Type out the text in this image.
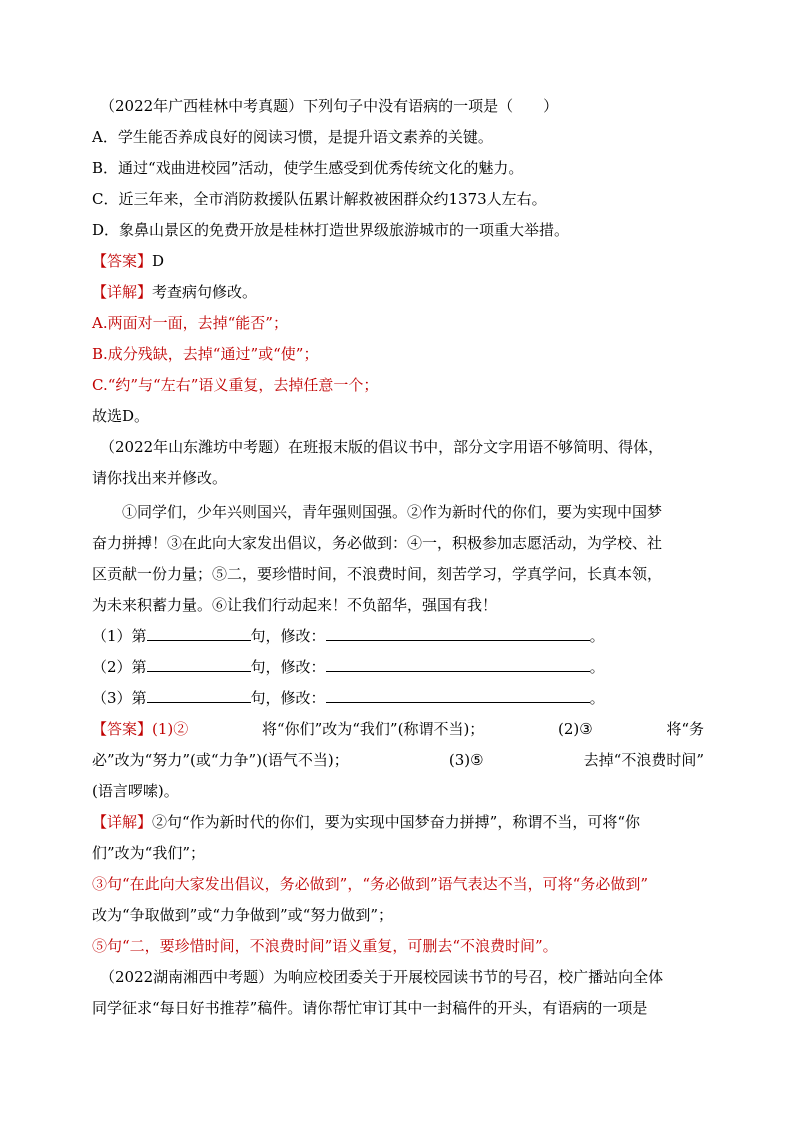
（2022年广西桂林中考真题）下列句子中没有语病的一项是（　　）
A．学生能否养成良好的阅读习惯，是提升语文素养的关键。
B．通过“戏曲进校园”活动，使学生感受到优秀传统文化的魅力。
C．近三年来，全市消防救援队伍累计解救被困群众约1373人左右。
D．象鼻山景区的免费开放是桂林打造世界级旅游城市的一项重大举措。
【答案】D
【详解】考查病句修改。
A.两面对一面，去掉“能否”；
B.成分残缺，去掉“通过”或“使”；
C.“约”与“左右”语义重复，去掉任意一个；
故选D。
（2022年山东潍坊中考题）在班报末版的倡议书中，部分文字用语不够简明、得体，
请你找出来并修改。
①同学们，少年兴则国兴，青年强则国强。②作为新时代的你们，要为实现中国梦
奋力拼搏！③在此向大家发出倡议，务必做到：④一，积极参加志愿活动，为学校、社
区贡献一份力量；⑤二，要珍惜时间，不浪费时间，刻苦学习，学真学问，长真本领，
为未来积蓄力量。⑥让我们行动起来！不负韶华，强国有我！
（1）第	句，修改：	。
（2）第	句，修改：	。
（3）第	句，修改：	。
【答案】(1)②	将“你们”改为“我们”(称谓不当)；	(2)③	将“务
必”改为“努力”(或“力争”)(语气不当)；	(3)⑤	去掉“不浪费时间”
(语言啰嗦)。
【详解】②句“作为新时代的你们，要为实现中国梦奋力拼搏”，称谓不当，可将“你
们”改为“我们”；
③句“在此向大家发出倡议，务必做到”，“务必做到”语气表达不当，可将“务必做到”
改为“争取做到”或“力争做到”或“努力做到”；
⑤句“二，要珍惜时间，不浪费时间”语义重复，可删去“不浪费时间”。
（2022湖南湘西中考题）为响应校团委关于开展校园读书节的号召，校广播站向全体
同学征求“每日好书推荐”稿件。请你帮忙审订其中一封稿件的开头，有语病的一项是
